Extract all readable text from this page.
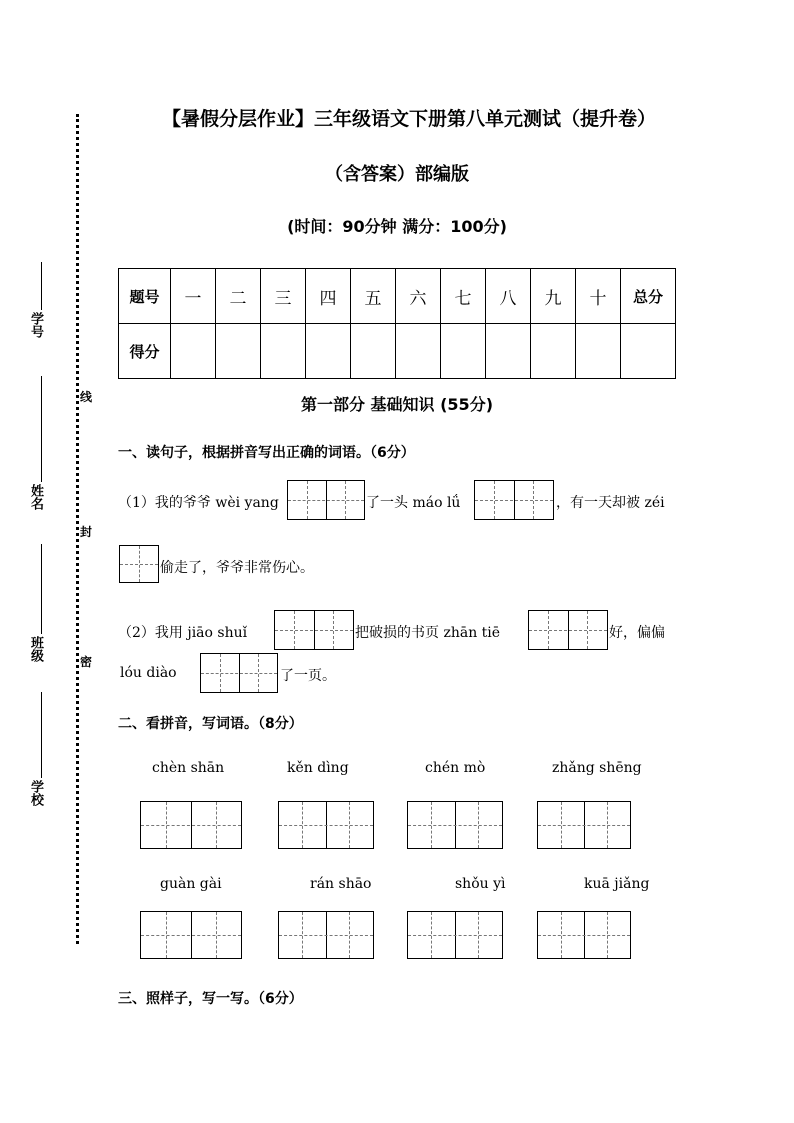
学号
姓名
班级
学校
线
封
密
【暑假分层作业】三年级语文下册第八单元测试（提升卷）
（含答案）部编版
(时间：90分钟 满分：100分)
题号	一	二	三	四	五	六	七	八	九	十	总分
得分											
第一部分 基础知识 (55分)
一、读句子，根据拼音写出正确的词语。（6分）
（1）我的爷爷 wèi yang	了一头 máo lǘ	，有一天却被 zéi
偷走了，爷爷非常伤心。
（2）我用 jiāo shuǐ	把破损的书页 zhān tiē	好，偏偏
lóu diào	了一页。
二、看拼音，写词语。（8分）
chèn shān	kěn dìng	chén mò	zhǎng shēng
guàn gài	rán shāo	shǒu yì	kuā jiǎng
三、照样子，写一写。（6分）
